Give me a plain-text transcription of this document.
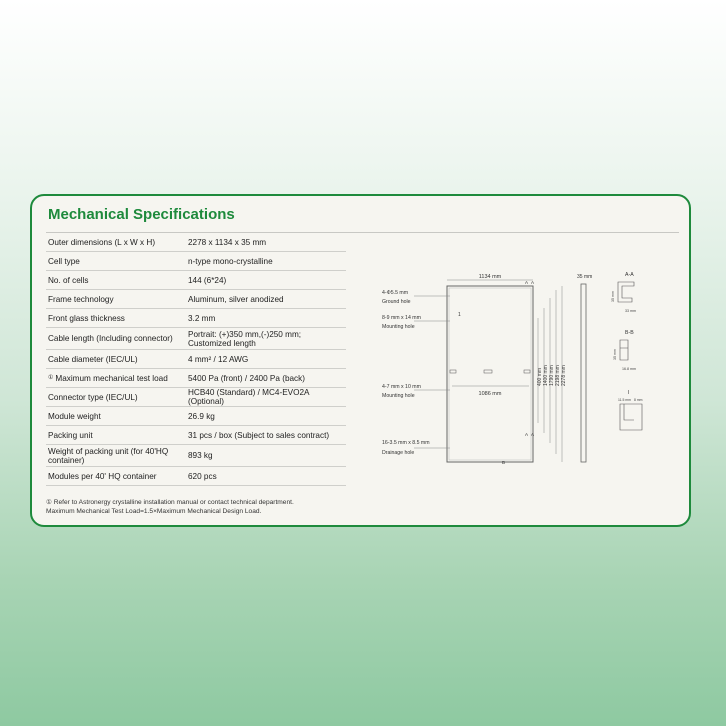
Mechanical Specifications
Outer dimensions (L x W x H)	2278 x 1134 x 35 mm
Cell type	n-type mono-crystalline
No. of cells	144 (6*24)
Frame technology	Aluminum, silver anodized
Front glass thickness	3.2 mm
Cable length (Including connector)	Portrait: (+)350 mm,(-)250 mm; Customized length
Cable diameter (IEC/UL)	4 mm² / 12 AWG
① Maximum mechanical test load	5400 Pa (front) / 2400 Pa (back)
Connector type (IEC/UL)	HCB40 (Standard) / MC4-EVO2A (Optional)
Module weight	26.9 kg
Packing unit	31 pcs / box (Subject to sales contract)
Weight of packing unit (for 40'HQ container)	893 kg
Modules per 40' HQ container	620 pcs
① Refer to Astronergy crystalline installation manual or contact technical department.
Maximum Mechanical Test Load=1.5×Maximum Mechanical Design Load.
1134 mm
1
4-Φ5.5 mm
Ground hole
8-9 mm x 14 mm
Mounting hole
4-7 mm x 10 mm
Mounting hole	1086 mm
16-3.5 mm x 8.5 mm
Drainage hole
A A
A A
B
400 mm 1400 mm 1790 mm 2198 mm 2278 mm
35 mm	A-A
35 mm
33 mm
B-B
35 mm
16.8 mm
I
11.5 mm 8 mm
